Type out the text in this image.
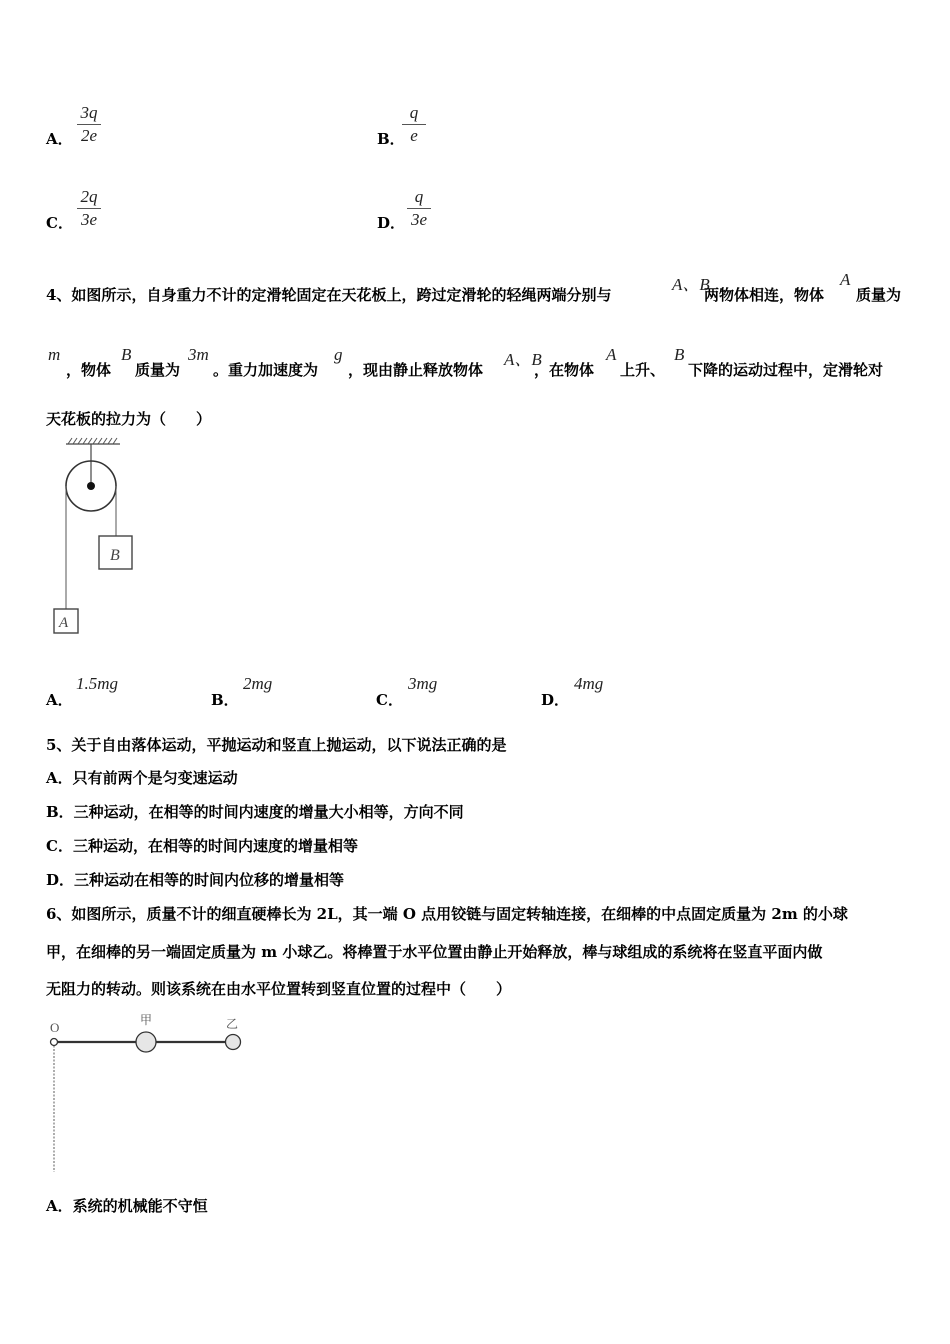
A．
3q
2e	B．
q
e
C．
2q
3e	D．
q
3e
4、如图所示，自身重力不计的定滑轮固定在天花板上，跨过定滑轮的轻绳两端分别与
A、B
两物体相连，物体
A
质量为
m
，物体
B
质量为
3m
。重力加速度为
g
，现由静止释放物体
A、B
，在物体
A
上升、
B
下降的运动过程中，定滑轮对
天花板的拉力为（　　）
B
A
A．
1.5mg
B．
2mg
C．
3mg
D．
4mg
5、关于自由落体运动，平抛运动和竖直上抛运动，以下说法正确的是
A．只有前两个是匀变速运动
B．三种运动，在相等的时间内速度的增量大小相等，方向不同
C．三种运动，在相等的时间内速度的增量相等
D．三种运动在相等的时间内位移的增量相等
6、如图所示，质量不计的细直硬棒长为 2L，其一端 O 点用铰链与固定转轴连接，在细棒的中点固定质量为 2m 的小球
甲，在细棒的另一端固定质量为 m 小球乙。将棒置于水平位置由静止开始释放，棒与球组成的系统将在竖直平面内做
无阻力的转动。则该系统在由水平位置转到竖直位置的过程中（　　）
O	甲	乙
A．系统的机械能不守恒
